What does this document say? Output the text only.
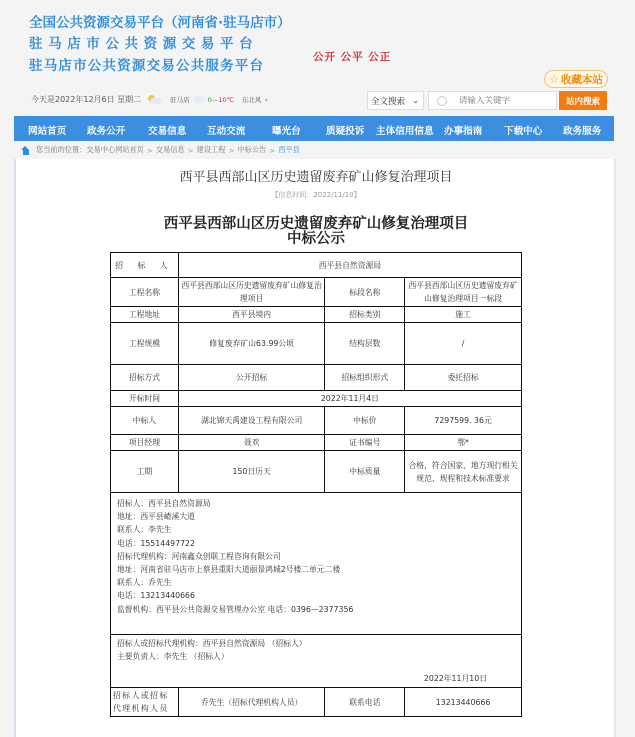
全国公共资源交易平台（河南省·驻马店市）
驻马店市公共资源交易平台
驻马店市公共资源交易公共服务平台
公开 公平 公正
☆ 收藏本站
今天是2022年12月6日 星期二	驻马店	0 — 10℃ 东北风 »	全文搜索 ⌄
请输入关键字	站内搜索
网站首页 政务公开 交易信息 互动交流	曝光台	质疑投诉 主体信用信息 办事指南 下载中心 政务服务
您当前的位置： 交易中心网站首页 > 交易信息 > 建设工程 > 中标公告 > 西平县
西平县西部山区历史遗留废弃矿山修复治理项目
【信息时间：2022/11/10】
西平县西部山区历史遗留废弃矿山修复治理项目
中标公示
招 标 人	西平县自然资源局		
工程名称	西平县西部山区历史遗留废弃矿山修复治理项目	标段名称	西平县西部山区历史遗留废弃矿山修复治理项目一标段
工程地址	西平县境内	招标类别	施工
工程规模	修复废弃矿山63.99公顷	结构层数	/
招标方式	公开招标	招标组织形式	委托招标
开标时间	2022年11月4日		
中标人	湖北锦天禹建设工程有限公司	中标价	7297599. 36元
项目经理	聂欢	证书编号	鄂*
工期	150日历天	中标质量	合格，符合国家、地方现行相关规范、规程和技术标准要求

招标人：西平县自然资源局
地址：西平县嵖溪大道
联系人：李先生
电话：15514497722
招标代理机构：河南鑫众创联工程咨询有限公司
地址：河南省驻马店市上蔡县重阳大道丽景鸿城2号楼二单元二楼
联系人：乔先生
电话：13213440666
监督机构：西平县公共资源交易管理办公室 电话：0396—2377356

招标人或招标代理机构：西平县自然资源局 （招标人）
主要负责人：李先生 （招标人）
2022年11月10日			

招标人或招标代理机构人员	乔先生（招标代理机构人员）	联系电话	13213440666
